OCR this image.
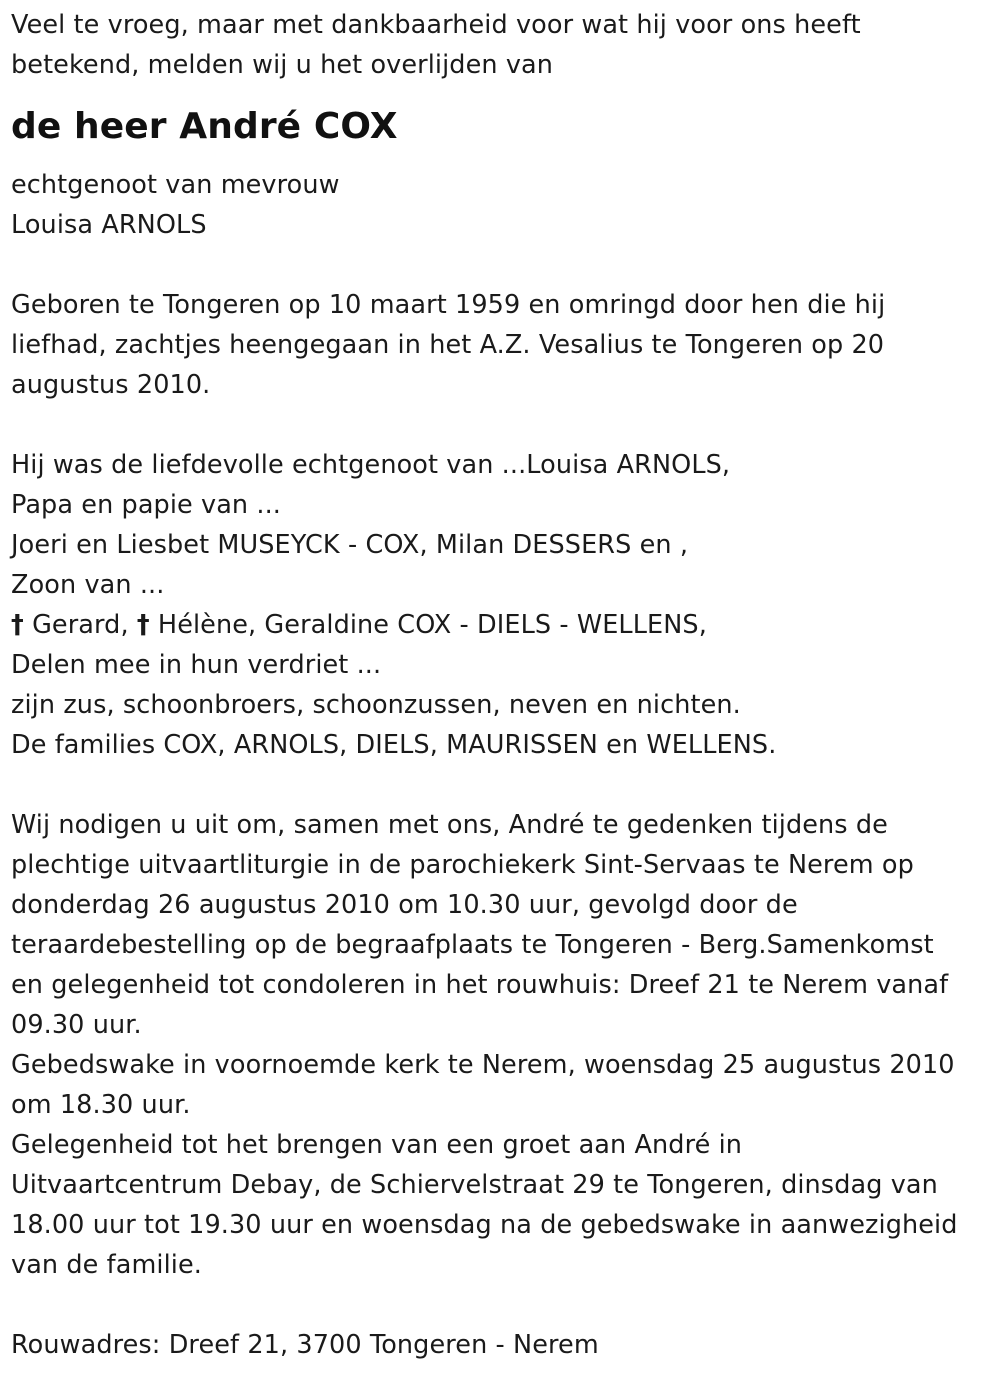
Veel te vroeg, maar met dankbaarheid voor wat hij voor ons heeft
betekend, melden wij u het overlijden van
de heer André COX
echtgenoot van mevrouw
Louisa ARNOLS
Geboren te Tongeren op 10 maart 1959 en omringd door hen die hij
liefhad, zachtjes heengegaan in het A.Z. Vesalius te Tongeren op 20
augustus 2010.
Hij was de liefdevolle echtgenoot van ...Louisa ARNOLS,
Papa en papie van ...
Joeri en Liesbet MUSEYCK - COX, Milan DESSERS en ,
Zoon van ...
† Gerard, † Hélène, Geraldine COX - DIELS - WELLENS,
Delen mee in hun verdriet ...
zijn zus, schoonbroers, schoonzussen, neven en nichten.
De families COX, ARNOLS, DIELS, MAURISSEN en WELLENS.
Wij nodigen u uit om, samen met ons, André te gedenken tijdens de
plechtige uitvaartliturgie in de parochiekerk Sint-Servaas te Nerem op
donderdag 26 augustus 2010 om 10.30 uur, gevolgd door de
teraardebestelling op de begraafplaats te Tongeren - Berg.Samenkomst
en gelegenheid tot condoleren in het rouwhuis: Dreef 21 te Nerem vanaf
09.30 uur.
Gebedswake in voornoemde kerk te Nerem, woensdag 25 augustus 2010
om 18.30 uur.
Gelegenheid tot het brengen van een groet aan André in
Uitvaartcentrum Debay, de Schiervelstraat 29 te Tongeren, dinsdag van
18.00 uur tot 19.30 uur en woensdag na de gebedswake in aanwezigheid
van de familie.
Rouwadres: Dreef 21, 3700 Tongeren - Nerem
